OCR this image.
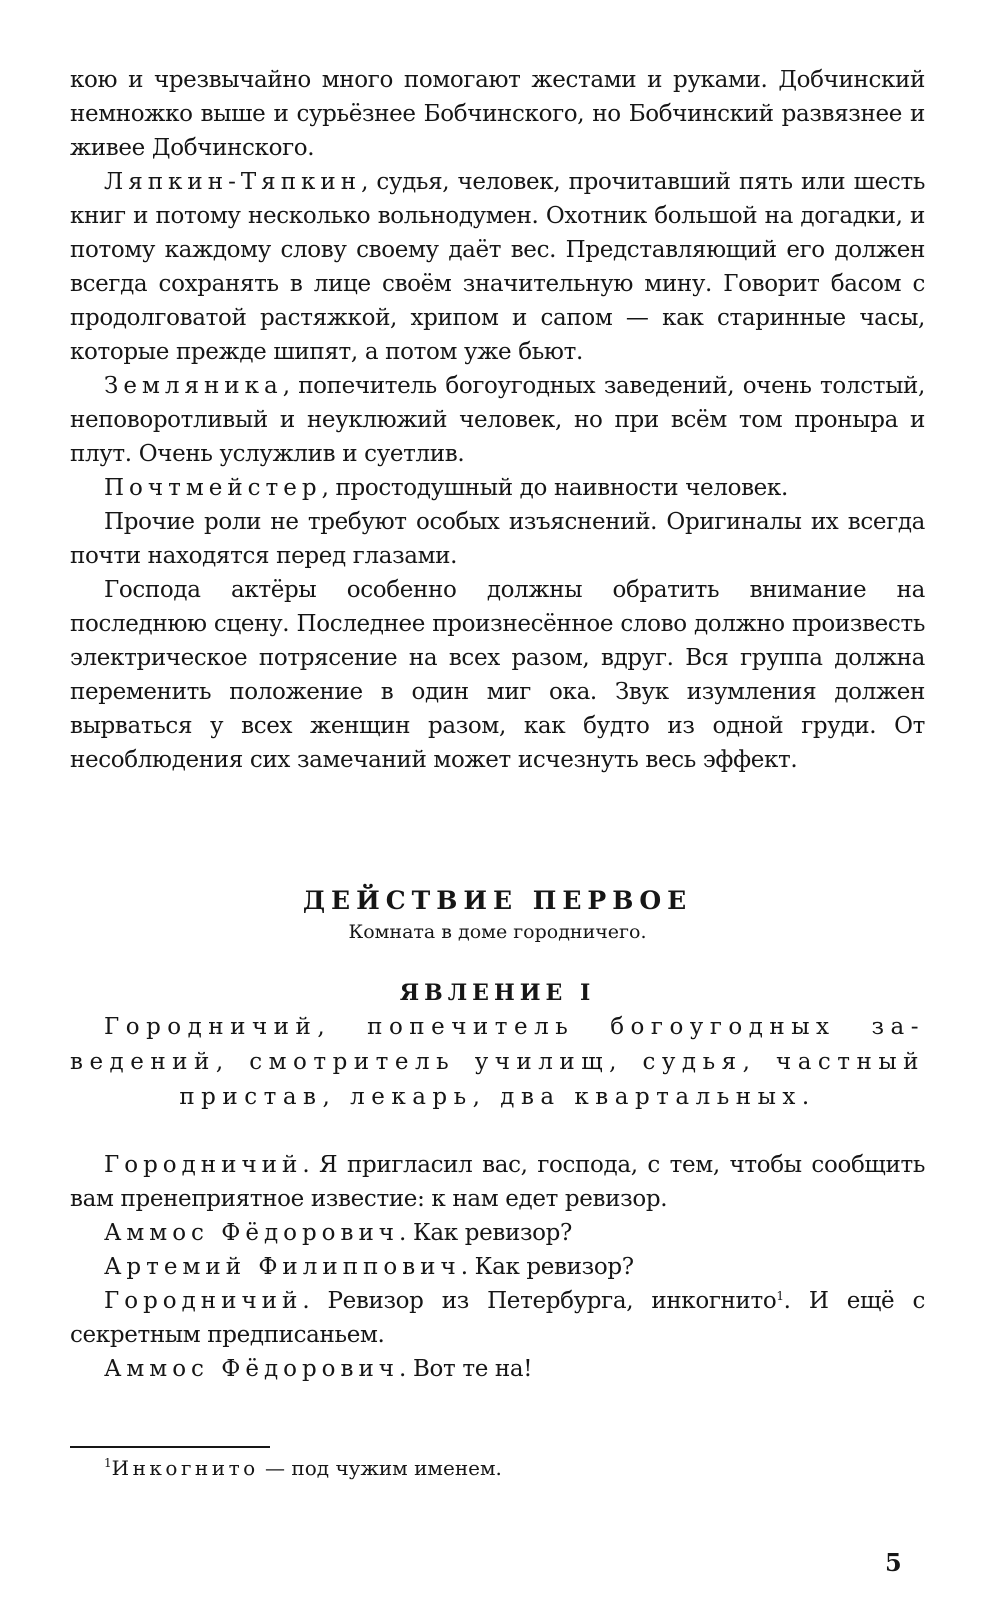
кою и чрезвычайно много помогают жестами и руками. Добчинский немножко выше и сурьёзнее Бобчинского, но Бобчинский развязнее и живее Добчинского.

Ляпкин-Тяпкин, судья, человек, прочитавший пять или шесть книг и потому несколько вольнодумен. Охотник большой на догадки, и потому каждому слову своему даёт вес. Представляющий его должен всегда сохранять в лице своём значительную мину. Говорит басом с продолговатой растяжкой, хрипом и сапом — как старинные часы, которые прежде шипят, а потом уже бьют.

Земляника, попечитель богоугодных заведений, очень толстый, неповоротливый и неуклюжий человек, но при всём том проныра и плут. Очень услужлив и суетлив.

Почтмейстер, простодушный до наивности человек.

Прочие роли не требуют особых изъяснений. Оригиналы их всегда почти находятся перед глазами.

Господа актёры особенно должны обратить внимание на последнюю сцену. Последнее произнесённое слово должно произвесть электрическое потрясение на всех разом, вдруг. Вся группа должна переменить положение в один миг ока. Звук изумления должен вырваться у всех женщин разом, как будто из одной груди. От несоблюдения сих замечаний может исчезнуть весь эффект.

ДЕЙСТВИЕ ПЕРВОЕ

Комната в доме городничего.

ЯВЛЕНИЕ I

Городничий, попечитель богоугодных за-ведений, смотритель училищ, судья, частный пристав, лекарь, два квартальных.

Городничий. Я пригласил вас, господа, с тем, чтобы сообщить вам пренеприятное известие: к нам едет ревизор.

Аммос Фёдорович. Как ревизор?

Артемий Филиппович. Как ревизор?

Городничий. Ревизор из Петербурга, инкогнито$^1$. И ещё с секретным предписаньем.

Аммос Фёдорович. Вот те на!

$^1$Инкогнито — под чужим именем.

5
